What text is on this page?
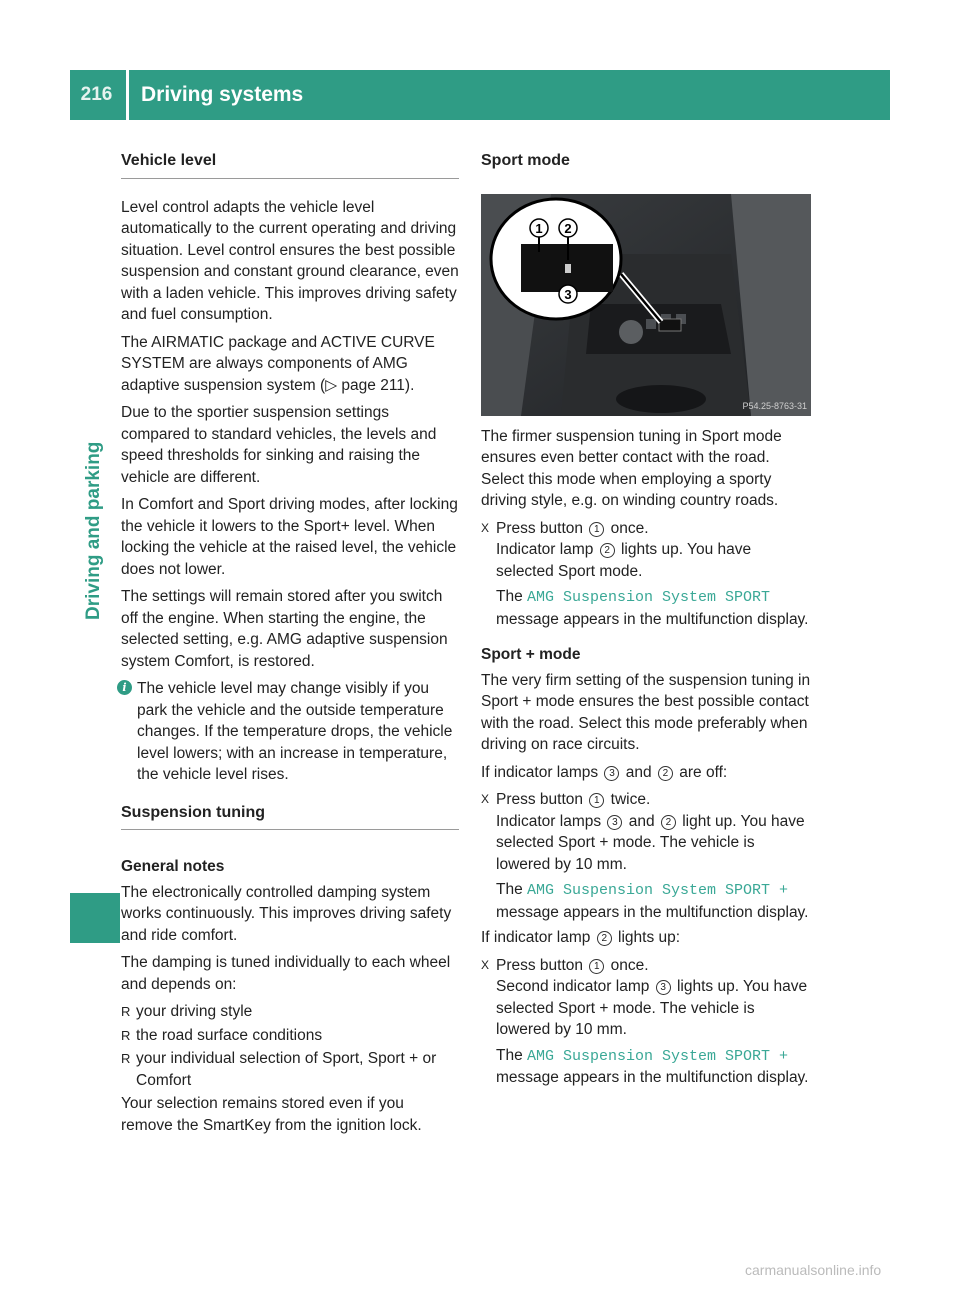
216	Driving systems
Driving and parking
Vehicle level

Level control adapts the vehicle level automatically to the current operating and driving situation. Level control ensures the best possible suspension and constant ground clearance, even with a laden vehicle. This improves driving safety and fuel consumption.

The AIRMATIC package and ACTIVE CURVE SYSTEM are always components of AMG adaptive suspension system (▷ page 211).

Due to the sportier suspension settings compared to standard vehicles, the levels and speed thresholds for sinking and raising the vehicle are different.

In Comfort and Sport driving modes, after locking the vehicle it lowers to the Sport+ level. When locking the vehicle at the raised level, the vehicle does not lower.

The settings will remain stored after you switch off the engine. When starting the engine, the selected setting, e.g. AMG adaptive suspension system Comfort, is restored.

i The vehicle level may change visibly if you park the vehicle and the outside temperature changes. If the temperature drops, the vehicle level lowers; with an increase in temperature, the vehicle level rises.
Suspension tuning
General notes

The electronically controlled damping system works continuously. This improves driving safety and ride comfort.

The damping is tuned individually to each wheel and depends on:

R your driving style
R the road surface conditions
R your individual selection of Sport, Sport + or Comfort

Your selection remains stored even if you remove the SmartKey from the ignition lock.

Sport mode
1 2
3
P54.25-8763-31

The firmer suspension tuning in Sport mode ensures even better contact with the road. Select this mode when employing a sporty driving style, e.g. on winding country roads.

X Press button 1 once.
Indicator lamp 2 lights up. You have selected Sport mode.
The AMG Suspension System SPORT message appears in the multifunction display.
Sport + mode

The very firm setting of the suspension tuning in Sport + mode ensures the best possible contact with the road. Select this mode preferably when driving on race circuits.

If indicator lamps 3 and 2 are off:

X Press button 1 twice.
Indicator lamps 3 and 2 light up. You have selected Sport + mode. The vehicle is lowered by 10 mm.
The AMG Suspension System SPORT + message appears in the multifunction display.

If indicator lamp 2 lights up:

X Press button 1 once.
Second indicator lamp 3 lights up. You have selected Sport + mode. The vehicle is lowered by 10 mm.
The AMG Suspension System SPORT + message appears in the multifunction display.
carmanualsonline.info
